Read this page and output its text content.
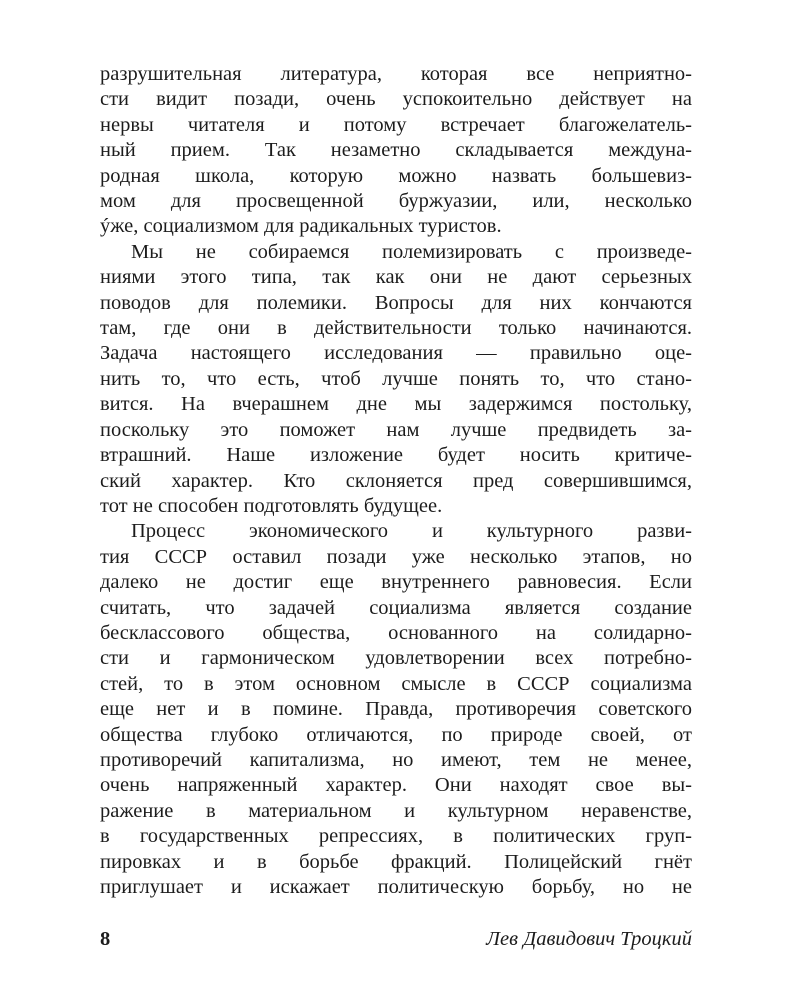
разрушительная литература, которая все неприятно-
сти видит позади, очень успокоительно действует на
нервы читателя и потому встречает благожелатель-
ный прием. Так незаметно складывается междуна-
родная школа, которую можно назвать большевиз-
мом для просвещенной буржуазии, или, несколько
ýже, социализмом для радикальных туристов.
Мы не собираемся полемизировать с произведе-
ниями этого типа, так как они не дают серьезных
поводов для полемики. Вопросы для них кончаются
там, где они в действительности только начинаются.
Задача настоящего исследования — правильно оце-
нить то, что есть, чтоб лучше понять то, что стано-
вится. На вчерашнем дне мы задержимся постольку,
поскольку это поможет нам лучше предвидеть за-
втрашний. Наше изложение будет носить критиче-
ский характер. Кто склоняется пред совершившимся,
тот не способен подготовлять будущее.
Процесс экономического и культурного разви-
тия СССР оставил позади уже несколько этапов, но
далеко не достиг еще внутреннего равновесия. Если
считать, что задачей социализма является создание
бесклассового общества, основанного на солидарно-
сти и гармоническом удовлетворении всех потребно-
стей, то в этом основном смысле в СССР социализма
еще нет и в помине. Правда, противоречия советского
общества глубоко отличаются, по природе своей, от
противоречий капитализма, но имеют, тем не менее,
очень напряженный характер. Они находят свое вы-
ражение в материальном и культурном неравенстве,
в государственных репрессиях, в политических груп-
пировках и в борьбе фракций. Полицейский гнёт
приглушает и искажает политическую борьбу, но не
8	Лев Давидович Троцкий
